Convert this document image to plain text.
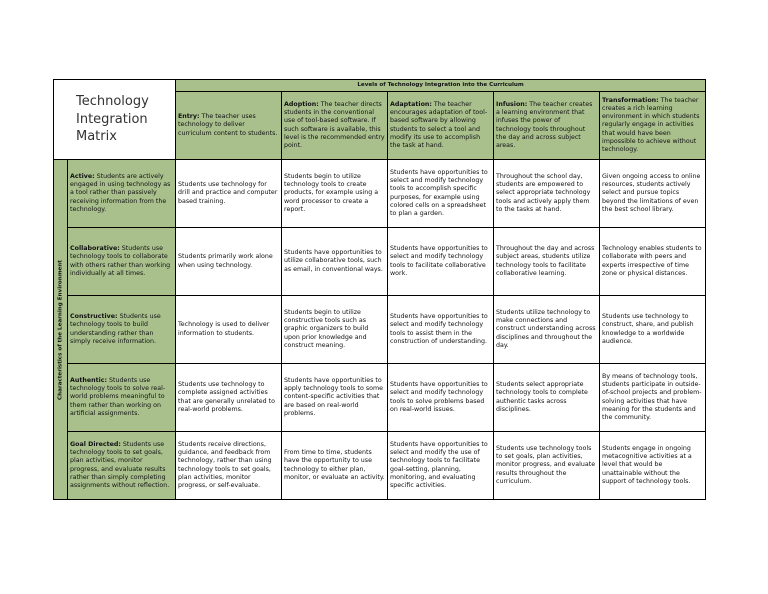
Technology Integration Matrix		Levels of Technology Integration into the Curriculum				
		Entry: The teacher uses technology to deliver curriculum content to students.	Adoption: The teacher directs students in the conventional use of tool-based software. If such software is available, this level is the recommended entry point.	Adaptation: The teacher encourages adaptation of tool-based software by allowing students to select a tool and modify its use to accomplish the task at hand.	Infusion: The teacher creates a learning environment that infuses the power of technology tools throughout the day and across subject areas.	Transformation: The teacher creates a rich learning environment in which students regularly engage in activities that would have been impossible to achieve without technology.

Characteristics of the Learning Environment	Active: Students are actively engaged in using technology as a tool rather than passively receiving information from the technology.	Students use technology for drill and practice and computer based training.	Students begin to utilize technology tools to create products, for example using a word processor to create a report.	Students have opportunities to select and modify technology tools to accomplish specific purposes, for example using colored cells on a spreadsheet to plan a garden.	Throughout the school day, students are empowered to select appropriate technology tools and actively apply them to the tasks at hand.	Given ongoing access to online resources, students actively select and pursue topics beyond the limitations of even the best school library.
	Collaborative: Students use technology tools to collaborate with others rather than working individually at all times.	Students primarily work alone when using technology.	Students have opportunities to utilize collaborative tools, such as email, in conventional ways.	Students have opportunities to select and modify technology tools to facilitate collaborative work.	Throughout the day and across subject areas, students utilize technology tools to facilitate collaborative learning.	Technology enables students to collaborate with peers and experts irrespective of time zone or physical distances.
	Constructive: Students use technology tools to build understanding rather than simply receive information.	Technology is used to deliver information to students.	Students begin to utilize constructive tools such as graphic organizers to build upon prior knowledge and construct meaning.	Students have opportunities to select and modify technology tools to assist them in the construction of understanding.	Students utilize technology to make connections and construct understanding across disciplines and throughout the day.	Students use technology to construct, share, and publish knowledge to a worldwide audience.
	Authentic: Students use technology tools to solve real-world problems meaningful to them rather than working on artificial assignments.	Students use technology to complete assigned activities that are generally unrelated to real-world problems.	Students have opportunities to apply technology tools to some content-specific activities that are based on real-world problems.	Students have opportunities to select and modify technology tools to solve problems based on real-world issues.	Students select appropriate technology tools to complete authentic tasks across disciplines.	By means of technology tools, students participate in outside-of-school projects and problem-solving activities that have meaning for the students and the community.
	Goal Directed: Students use technology tools to set goals, plan activities, monitor progress, and evaluate results rather than simply completing assignments without reflection.	Students receive directions, guidance, and feedback from technology, rather than using technology tools to set goals, plan activities, monitor progress, or self-evaluate.	From time to time, students have the opportunity to use technology to either plan, monitor, or evaluate an activity.	Students have opportunities to select and modify the use of technology tools to facilitate goal-setting, planning, monitoring, and evaluating specific activities.	Students use technology tools to set goals, plan activities, monitor progress, and evaluate results throughout the curriculum.	Students engage in ongoing metacognitive activities at a level that would be unattainable without the support of technology tools.
